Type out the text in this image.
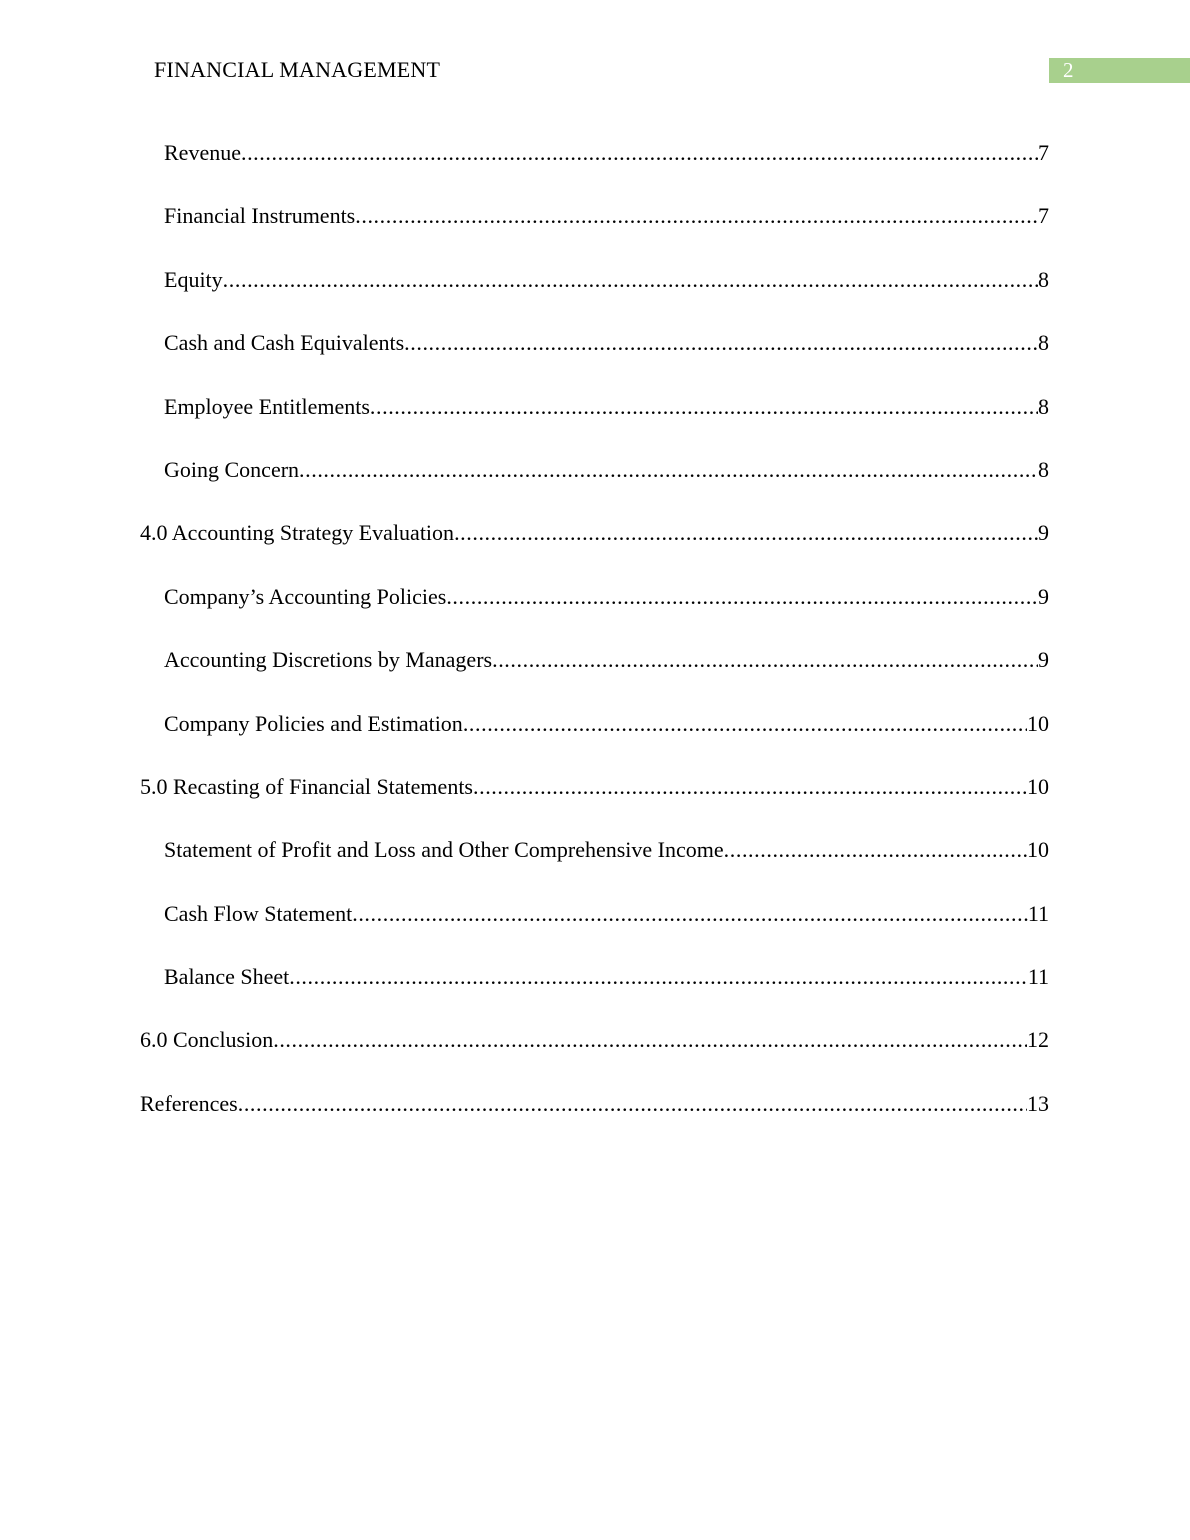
FINANCIAL MANAGEMENT	2
Revenue .....	7
Financial Instruments .....	7
Equity .....	8
Cash and Cash Equivalents .....	8
Employee Entitlements .....	8
Going Concern .....	8
4.0 Accounting Strategy Evaluation .....	9
Company’s Accounting Policies .....	9
Accounting Discretions by Managers .....	9
Company Policies and Estimation .....	10
5.0 Recasting of Financial Statements .....	10
Statement of Profit and Loss and Other Comprehensive Income .....	10
Cash Flow Statement .....	11
Balance Sheet .....	11
6.0 Conclusion .....	12
References .....	13
